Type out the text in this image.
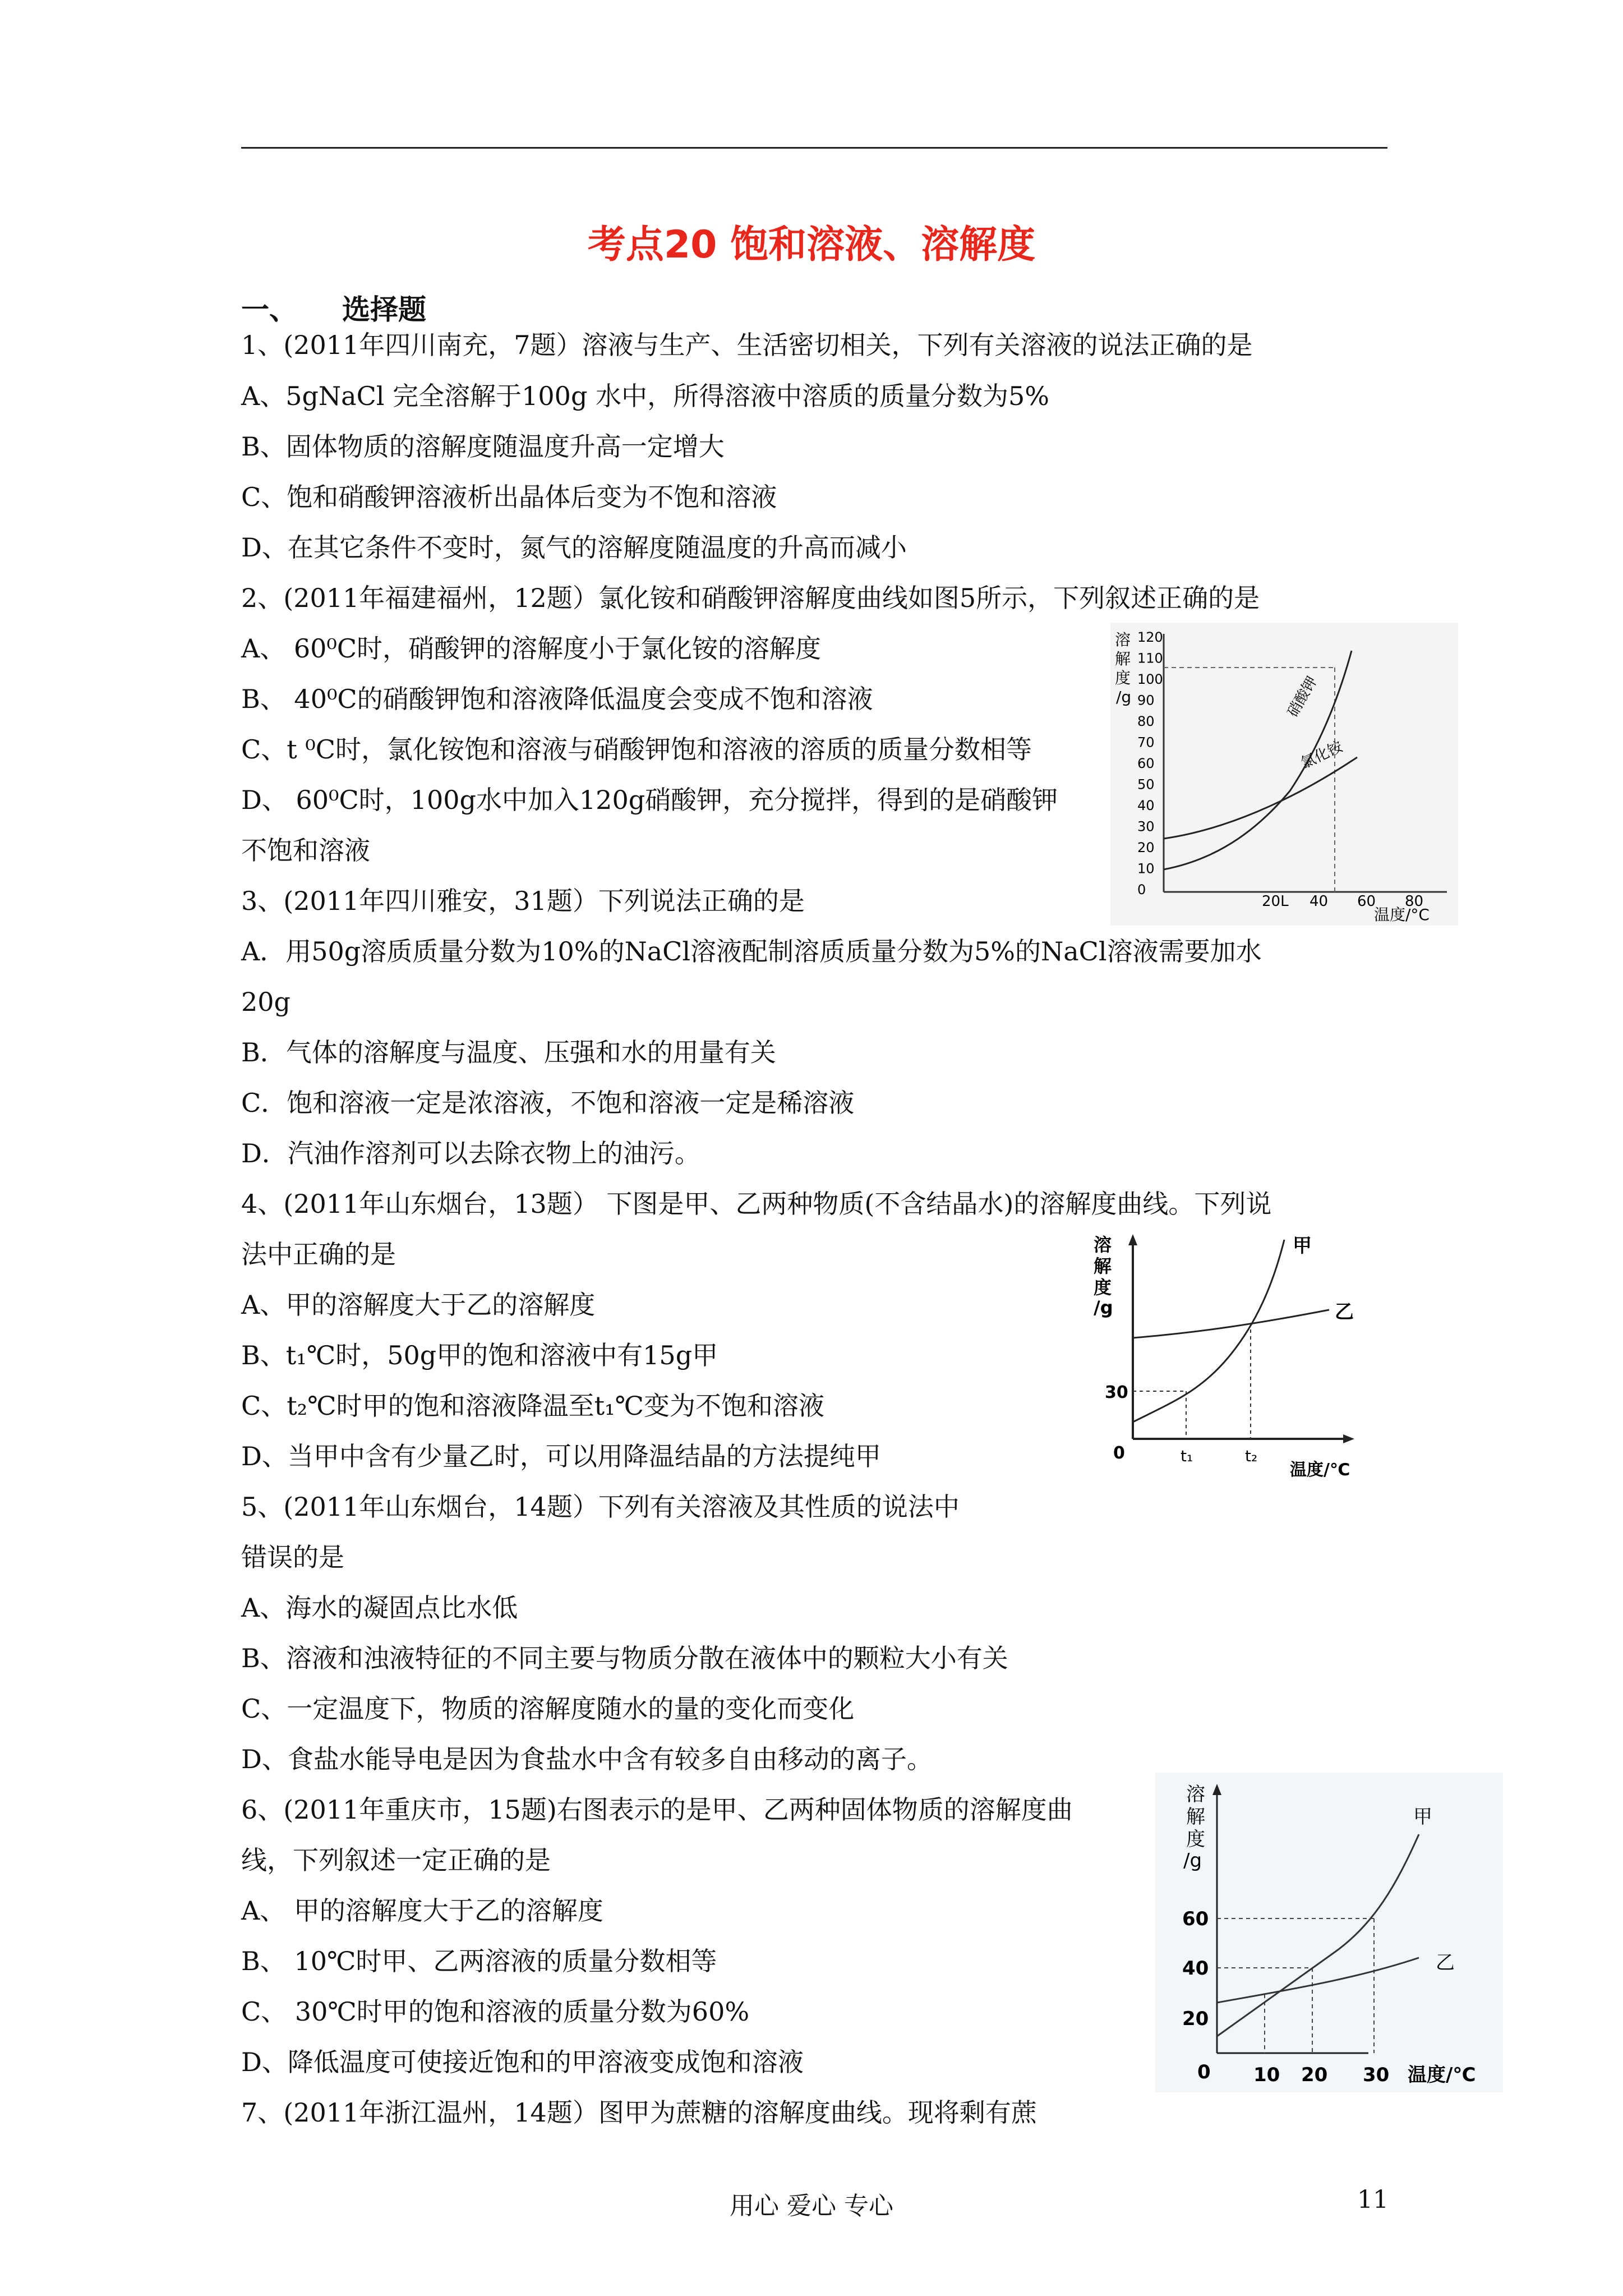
考点20 饱和溶液、溶解度
一、 选择题
1、(2011年四川南充，7题）溶液与生产、生活密切相关，下列有关溶液的说法正确的是
A、5gNaCl 完全溶解于100g 水中，所得溶液中溶质的质量分数为5%
B、固体物质的溶解度随温度升高一定增大
C、饱和硝酸钾溶液析出晶体后变为不饱和溶液
D、在其它条件不变时，氮气的溶解度随温度的升高而减小
2、(2011年福建福州，12题）氯化铵和硝酸钾溶解度曲线如图5所示，下列叙述正确的是
A、 60⁰C时，硝酸钾的溶解度小于氯化铵的溶解度
B、 40⁰C的硝酸钾饱和溶液降低温度会变成不饱和溶液
C、t ⁰C时，氯化铵饱和溶液与硝酸钾饱和溶液的溶质的质量分数相等
D、 60⁰C时，100g水中加入120g硝酸钾，充分搅拌，得到的是硝酸钾
不饱和溶液
3、(2011年四川雅安，31题）下列说法正确的是
A．用50g溶质质量分数为10%的NaCl溶液配制溶质质量分数为5%的NaCl溶液需要加水
20g
B．气体的溶解度与温度、压强和水的用量有关
C．饱和溶液一定是浓溶液，不饱和溶液一定是稀溶液
D．汽油作溶剂可以去除衣物上的油污。
4、(2011年山东烟台，13题） 下图是甲、乙两种物质(不含结晶水)的溶解度曲线。下列说
法中正确的是
A、甲的溶解度大于乙的溶解度
B、t₁℃时，50g甲的饱和溶液中有15g甲
C、t₂℃时甲的饱和溶液降温至t₁℃变为不饱和溶液
D、当甲中含有少量乙时，可以用降温结晶的方法提纯甲
5、(2011年山东烟台，14题）下列有关溶液及其性质的说法中
错误的是
A、海水的凝固点比水低
B、溶液和浊液特征的不同主要与物质分散在液体中的颗粒大小有关
C、一定温度下，物质的溶解度随水的量的变化而变化
D、食盐水能导电是因为食盐水中含有较多自由移动的离子。
6、(2011年重庆市，15题)右图表示的是甲、乙两种固体物质的溶解度曲
线，下列叙述一定正确的是
A、 甲的溶解度大于乙的溶解度
B、 10℃时甲、乙两溶液的质量分数相等
C、 30℃时甲的饱和溶液的质量分数为60%
D、降低温度可使接近饱和的甲溶液变成饱和溶液
7、(2011年浙江温州，14题）图甲为蔗糖的溶解度曲线。现将剩有蔗
溶
解
度
/g
120
110
100
90
80
70
60
50
40
30
20
10
0
硝酸钾
氯化铵
20L 40 60 80
温度/°C
溶
解
度
/g
甲
乙
30
0	t₁	t₂
温度/℃
溶
解
度
/g
甲
乙
60
40
20
0 10 20 30 温度/℃
用心 爱心 专心	11
